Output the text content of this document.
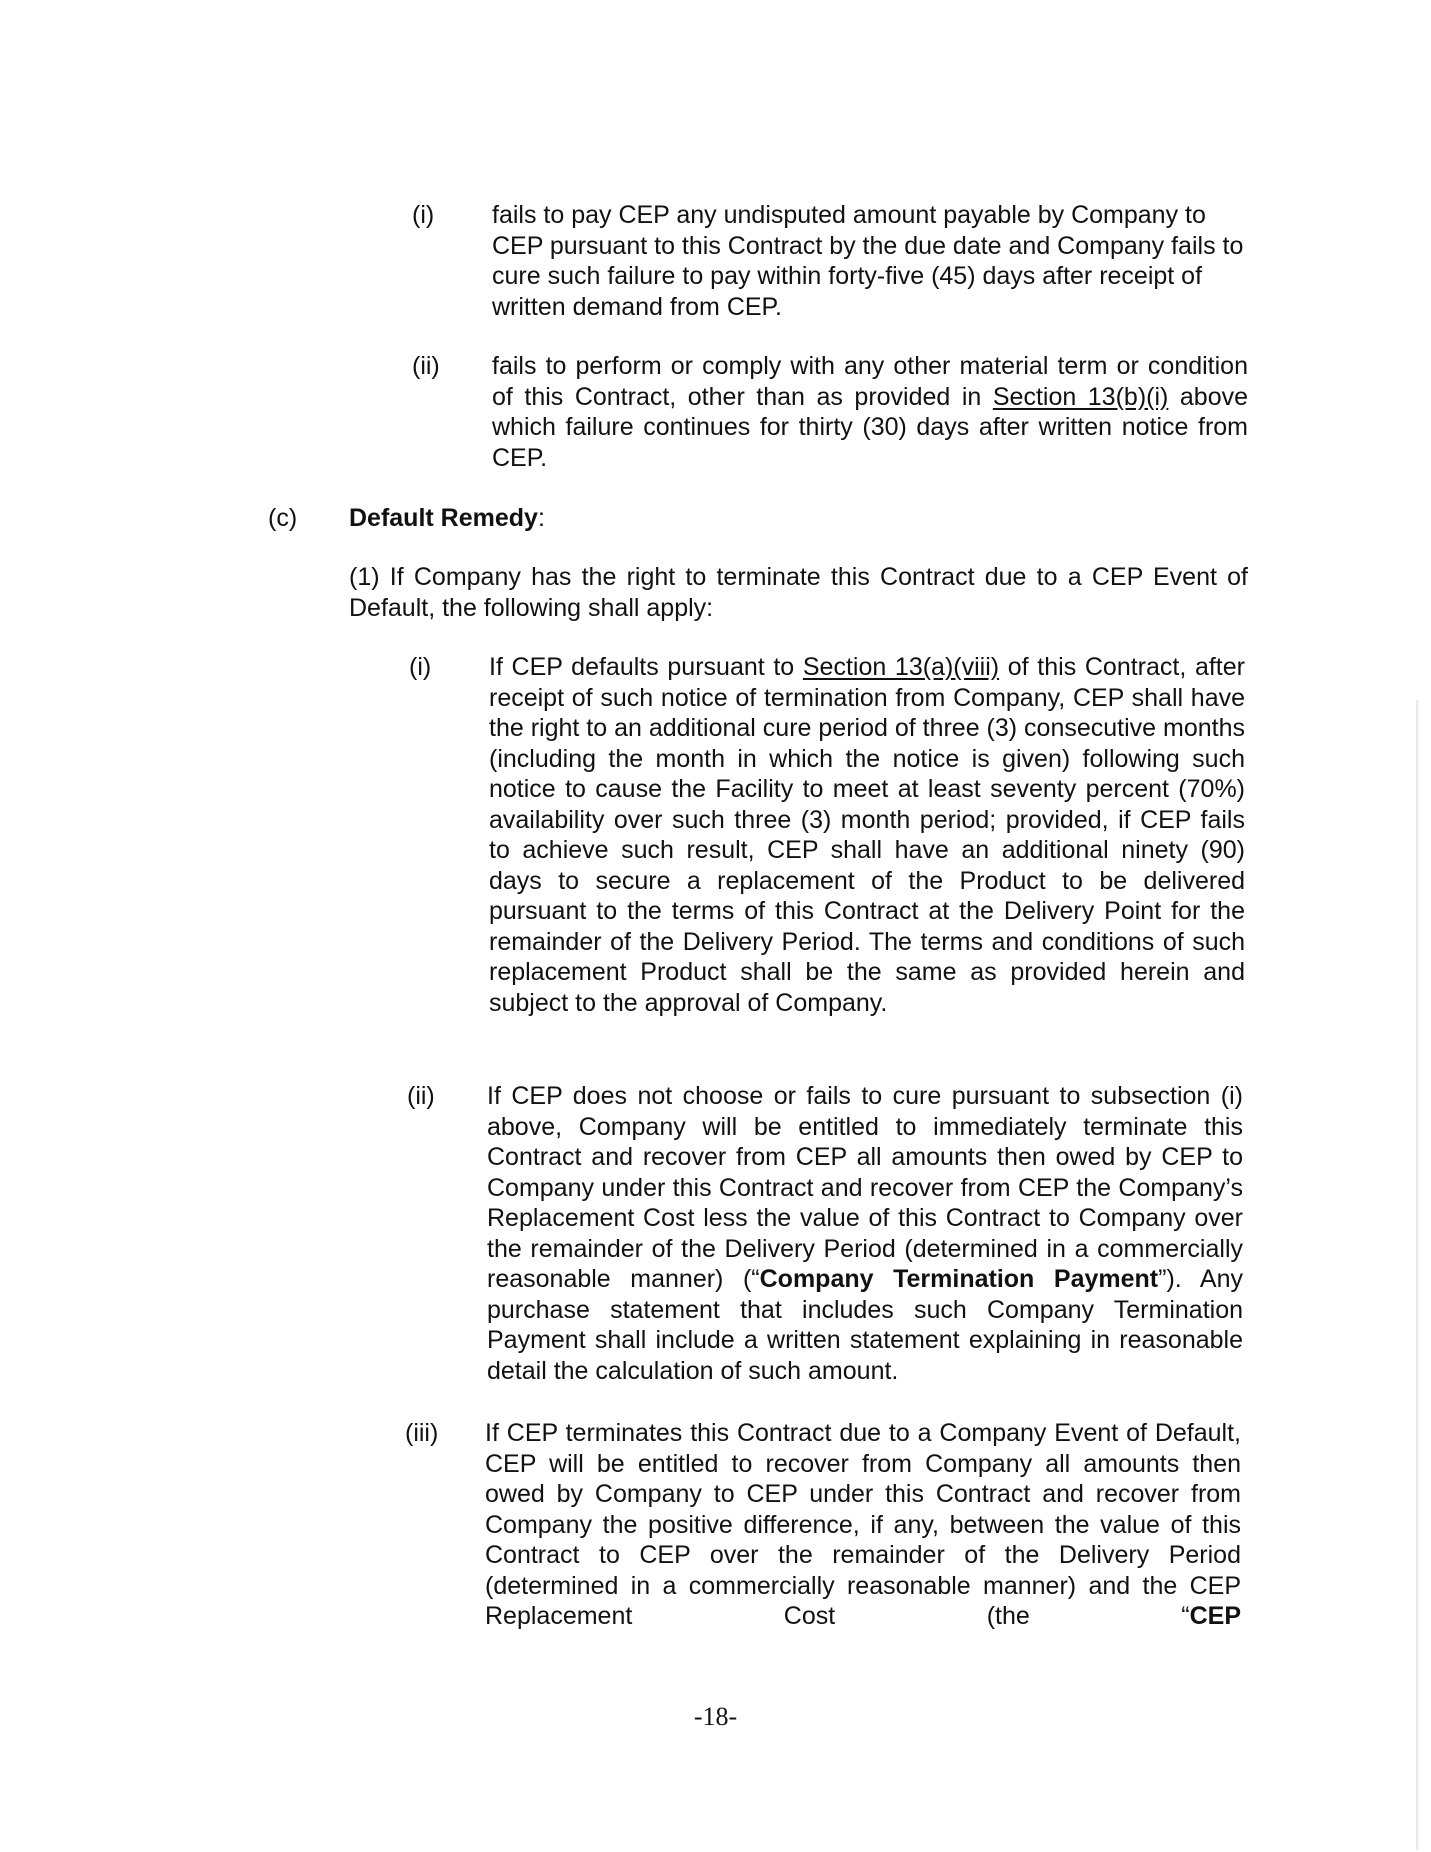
(i) fails to pay CEP any undisputed amount payable by Company to CEP pursuant to this Contract by the due date and Company fails to cure such failure to pay within forty-five (45) days after receipt of written demand from CEP.
(ii) fails to perform or comply with any other material term or condition of this Contract, other than as provided in Section 13(b)(i) above which failure continues for thirty (30) days after written notice from CEP.
(c) Default Remedy:
(1) If Company has the right to terminate this Contract due to a CEP Event of Default, the following shall apply:
(i) If CEP defaults pursuant to Section 13(a)(viii) of this Contract, after receipt of such notice of termination from Company, CEP shall have the right to an additional cure period of three (3) consecutive months (including the month in which the notice is given) following such notice to cause the Facility to meet at least seventy percent (70%) availability over such three (3) month period; provided, if CEP fails to achieve such result, CEP shall have an additional ninety (90) days to secure a replacement of the Product to be delivered pursuant to the terms of this Contract at the Delivery Point for the remainder of the Delivery Period. The terms and conditions of such replacement Product shall be the same as provided herein and subject to the approval of Company.
(ii) If CEP does not choose or fails to cure pursuant to subsection (i) above, Company will be entitled to immediately terminate this Contract and recover from CEP all amounts then owed by CEP to Company under this Contract and recover from CEP the Company’s Replacement Cost less the value of this Contract to Company over the remainder of the Delivery Period (determined in a commercially reasonable manner) (“Company Termination Payment”). Any purchase statement that includes such Company Termination Payment shall include a written statement explaining in reasonable detail the calculation of such amount.
(iii) If CEP terminates this Contract due to a Company Event of Default, CEP will be entitled to recover from Company all amounts then owed by Company to CEP under this Contract and recover from Company the positive difference, if any, between the value of this Contract to CEP over the remainder of the Delivery Period (determined in a commercially reasonable manner) and the CEP Replacement Cost (the “CEP
-18-
